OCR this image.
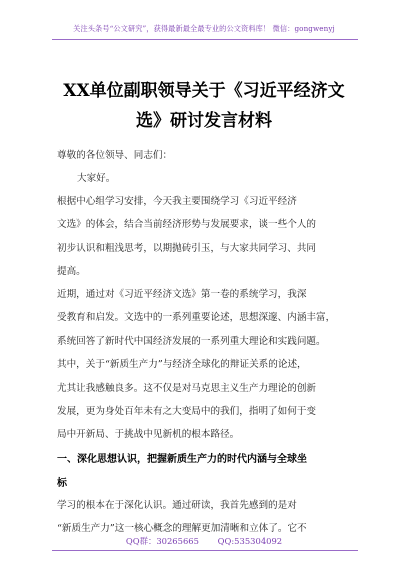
关注头条号“公文研究”，获得最新最全最专业的公文资料库！ 微信：gongwenyj
XX单位副职领导关于《习近平经济文
选》研讨发言材料
尊敬的各位领导、同志们：
大家好。
根据中心组学习安排，今天我主要围绕学习《习近平经济
文选》的体会，结合当前经济形势与发展要求，谈一些个人的
初步认识和粗浅思考，以期抛砖引玉，与大家共同学习、共同
提高。
近期，通过对《习近平经济文选》第一卷的系统学习，我深
受教育和启发。文选中的一系列重要论述，思想深邃、内涵丰富，
系统回答了新时代中国经济发展的一系列重大理论和实践问题。
其中，关于“新质生产力”与经济全球化的辩证关系的论述，
尤其让我感触良多。这不仅是对马克思主义生产力理论的创新
发展，更为身处百年未有之大变局中的我们，指明了如何于变
局中开新局、于挑战中见新机的根本路径。
一、深化思想认识，把握新质生产力的时代内涵与全球坐
标
学习的根本在于深化认识。通过研读，我首先感到的是对
“新质生产力”这一核心概念的理解更加清晰和立体了。它不
QQ群：30265665 QQ:535304092
